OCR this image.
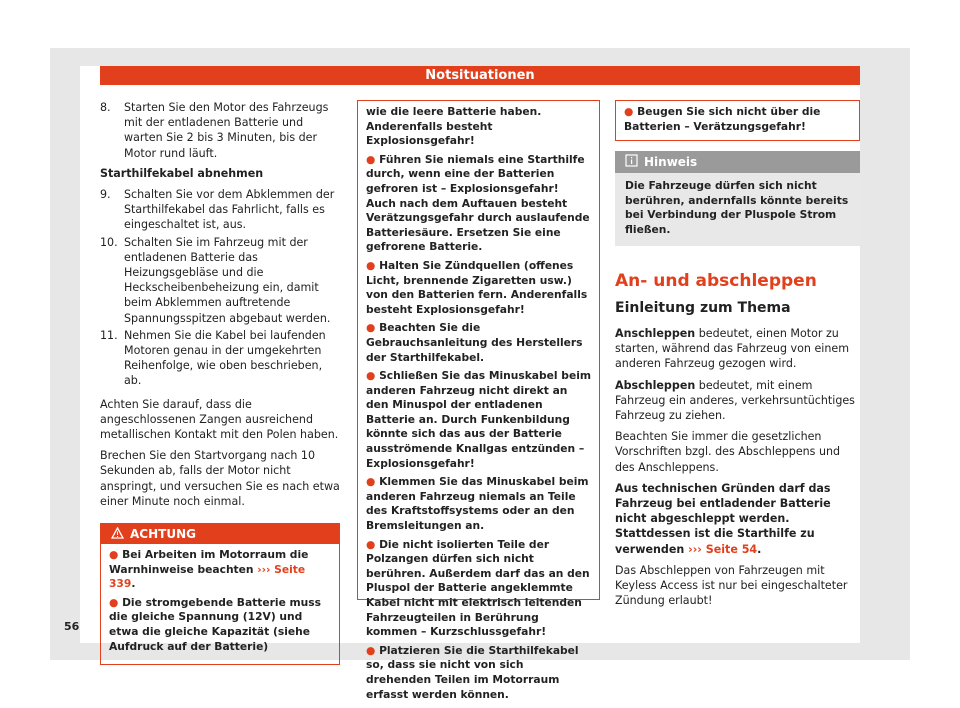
Notsituationen
8.	Starten Sie den Motor des Fahrzeugs mit der entladenen Batterie und warten Sie 2 bis 3 Minuten, bis der Motor rund läuft.
Starthilfekabel abnehmen
9.	Schalten Sie vor dem Abklemmen der Starthilfekabel das Fahrlicht, falls es eingeschaltet ist, aus.
10. Schalten Sie im Fahrzeug mit der entladenen Batterie das Heizungsgebläse und die Heckscheibenbeheizung ein, damit beim Abklemmen auftretende Spannungsspitzen abgebaut werden.
11. Nehmen Sie die Kabel bei laufenden Motoren genau in der umgekehrten Reihenfolge, wie oben beschrieben, ab.

Achten Sie darauf, dass die angeschlossenen Zangen ausreichend metallischen Kontakt mit den Polen haben.

Brechen Sie den Startvorgang nach 10 Sekunden ab, falls der Motor nicht anspringt, und versuchen Sie es nach etwa einer Minute noch einmal.

ACHTUNG
● Bei Arbeiten im Motorraum die Warnhinweise beachten ››› Seite 339.
● Die stromgebende Batterie muss die gleiche Spannung (12V) und etwa die gleiche Kapazität (siehe Aufdruck auf der Batterie)
wie die leere Batterie haben. Anderenfalls besteht Explosionsgefahr!
● Führen Sie niemals eine Starthilfe durch, wenn eine der Batterien gefroren ist – Explosionsgefahr! Auch nach dem Auftauen besteht Verätzungsgefahr durch auslaufende Batteriesäure. Ersetzen Sie eine gefrorene Batterie.
● Halten Sie Zündquellen (offenes Licht, brennende Zigaretten usw.) von den Batterien fern. Anderenfalls besteht Explosionsgefahr!
● Beachten Sie die Gebrauchsanleitung des Herstellers der Starthilfekabel.
● Schließen Sie das Minuskabel beim anderen Fahrzeug nicht direkt an den Minuspol der entladenen Batterie an. Durch Funkenbildung könnte sich das aus der Batterie ausströmende Knallgas entzünden – Explosionsgefahr!
● Klemmen Sie das Minuskabel beim anderen Fahrzeug niemals an Teile des Kraftstoffsystems oder an den Bremsleitungen an.
● Die nicht isolierten Teile der Polzangen dürfen sich nicht berühren. Außerdem darf das an den Pluspol der Batterie angeklemmte Kabel nicht mit elektrisch leitenden Fahrzeugteilen in Berührung kommen – Kurzschlussgefahr!
● Platzieren Sie die Starthilfekabel so, dass sie nicht von sich drehenden Teilen im Motorraum erfasst werden können.
● Beugen Sie sich nicht über die Batterien – Verätzungsgefahr!
Hinweis
Die Fahrzeuge dürfen sich nicht berühren, andernfalls könnte bereits bei Verbindung der Pluspole Strom fließen.
An- und abschleppen
Einleitung zum Thema

Anschleppen bedeutet, einen Motor zu starten, während das Fahrzeug von einem anderen Fahrzeug gezogen wird.

Abschleppen bedeutet, mit einem Fahrzeug ein anderes, verkehrsuntüchtiges Fahrzeug zu ziehen.

Beachten Sie immer die gesetzlichen Vorschriften bzgl. des Abschleppens und des Anschleppens.

Aus technischen Gründen darf das Fahrzeug bei entladender Batterie nicht abgeschleppt werden. Stattdessen ist die Starthilfe zu verwenden ››› Seite 54.

Das Abschleppen von Fahrzeugen mit Keyless Access ist nur bei eingeschalteter Zündung erlaubt!

56
